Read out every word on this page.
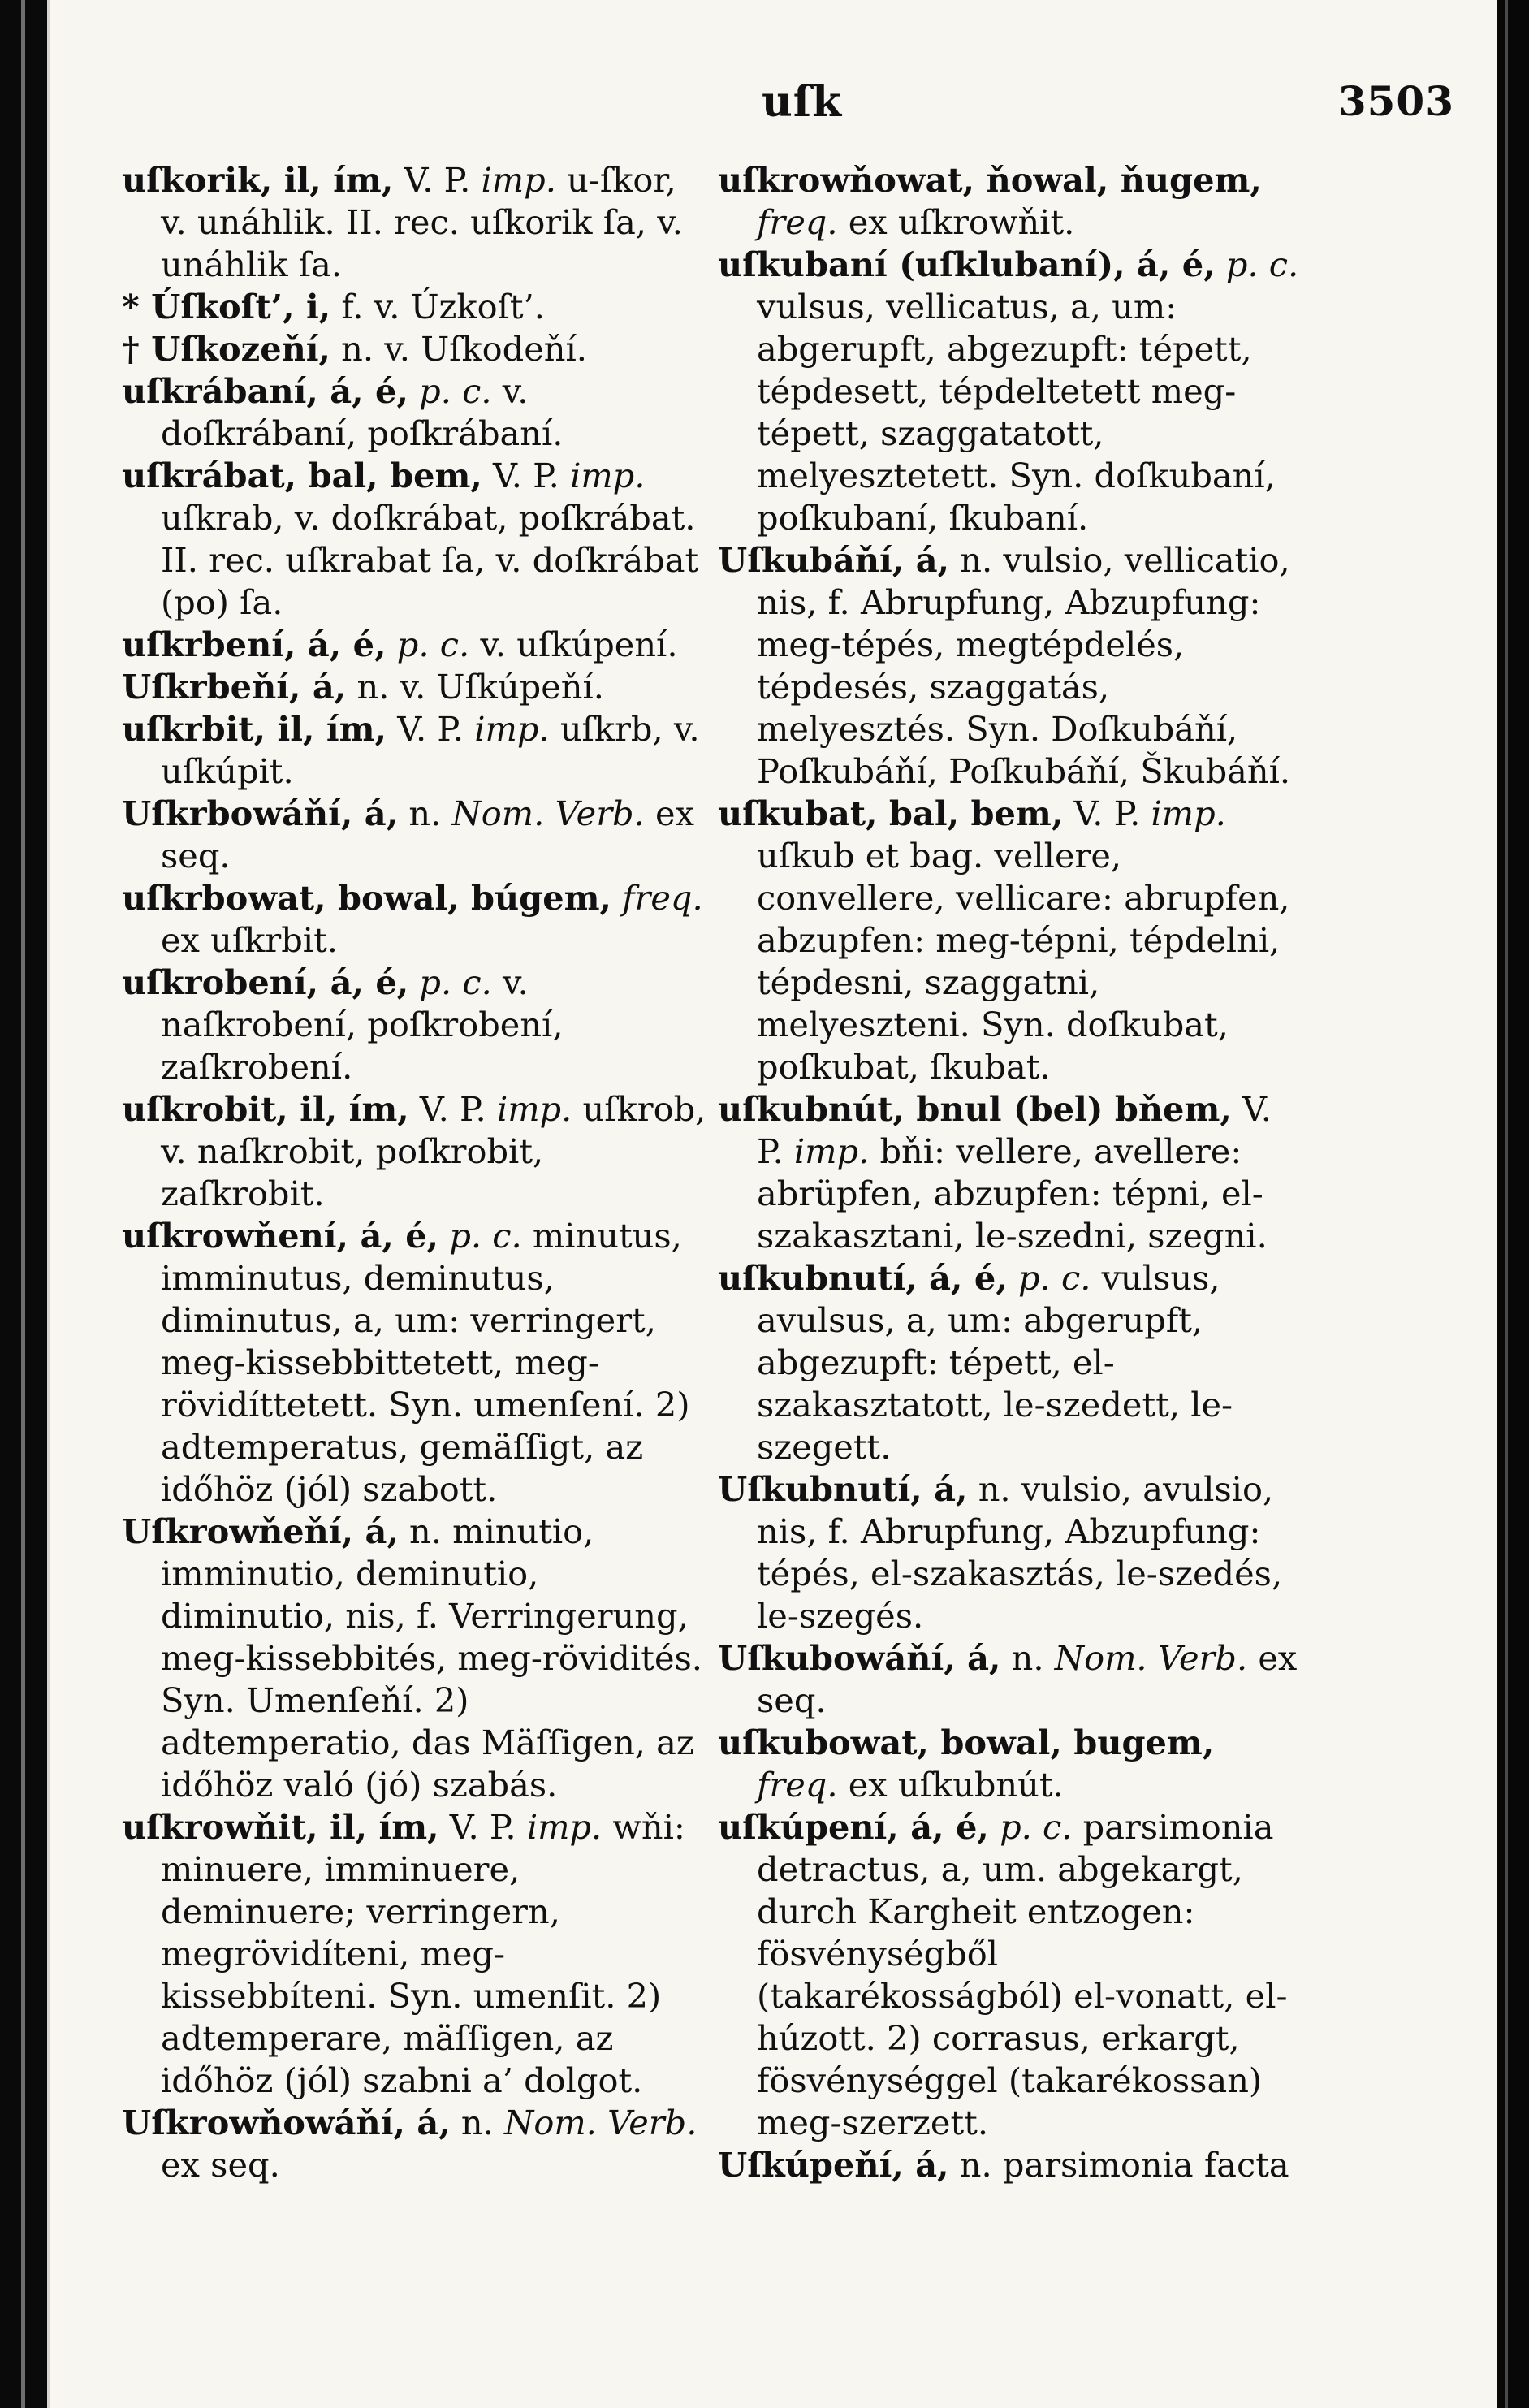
uſk	3503

uſkorik, il, ím, V. P. imp. u-ſkor, v. unáhlik. II. rec. uſkorik ſa, v. unáhlik ſa.

* Úſkoſt’, i, f. v. Úzkoſt’.

† Uſkozeňí, n. v. Uſkodeňí.

uſkrábaní, á, é, p. c. v. doſkrábaní, poſkrábaní.

uſkrábat, bal, bem, V. P. imp. uſkrab, v. doſkrábat, poſkrábat. II. rec. uſkrabat ſa, v. doſkrábat (po) ſa.

uſkrbení, á, é, p. c. v. uſkúpení.

Uſkrbeňí, á, n. v. Uſkúpeňí.

uſkrbit, il, ím, V. P. imp. uſkrb, v. uſkúpit.

Uſkrbowáňí, á, n. Nom. Verb. ex seq.

uſkrbowat, bowal, búgem, freq. ex uſkrbit.

uſkrobení, á, é, p. c. v. naſkrobení, poſkrobení, zaſkrobení.

uſkrobit, il, ím, V. P. imp. uſkrob, v. naſkrobit, poſkrobit, zaſkrobit.

uſkrowňení, á, é, p. c. minutus, imminutus, deminutus, diminutus, a, um: verringert, meg-kissebbittetett, meg-rövidíttetett. Syn. umenſení. 2) adtemperatus, gemäſſigt, az időhöz (jól) szabott.

Uſkrowňeňí, á, n. minutio, imminutio, deminutio, diminutio, nis, f. Verringerung, meg-kissebbités, meg-rövidités. Syn. Umenſeňí. 2) adtemperatio, das Mäſſigen, az időhöz való (jó) szabás.

uſkrowňit, il, ím, V. P. imp. wňi: minuere, imminuere, deminuere; verringern, megrövidíteni, meg-kissebbíteni. Syn. umenſit. 2) adtemperare, mäſſigen, az időhöz (jól) szabni a’ dolgot.

Uſkrowňowáňí, á, n. Nom. Verb. ex seq.

uſkrowňowat, ňowal, ňugem, freq. ex uſkrowňit.

uſkubaní (uſklubaní), á, é, p. c. vulsus, vellicatus, a, um: abgerupft, abgezupft: tépett, tépdesett, tépdeltetett meg-tépett, szaggatatott, melyesztetett. Syn. doſkubaní, poſkubaní, ſkubaní.

Uſkubáňí, á, n. vulsio, vellicatio, nis, f. Abrupfung, Abzupfung: meg-tépés, megtépdelés, tépdesés, szaggatás, melyesztés. Syn. Doſkubáňí, Poſkubáňí, Poſkubáňí, Škubáňí.

uſkubat, bal, bem, V. P. imp. uſkub et bag. vellere, convellere, vellicare: abrupfen, abzupfen: meg-tépni, tépdelni, tépdesni, szaggatni, melyeszteni. Syn. doſkubat, poſkubat, ſkubat.

uſkubnút, bnul (bel) bňem, V. P. imp. bňi: vellere, avellere: abrüpfen, abzupfen: tépni, el-szakasztani, le-szedni, szegni.

uſkubnutí, á, é, p. c. vulsus, avulsus, a, um: abgerupft, abgezupft: tépett, el-szakasztatott, le-szedett, le-szegett.

Uſkubnutí, á, n. vulsio, avulsio, nis, f. Abrupfung, Abzupfung: tépés, el-szakasztás, le-szedés, le-szegés.

Uſkubowáňí, á, n. Nom. Verb. ex seq.

uſkubowat, bowal, bugem, freq. ex uſkubnút.

uſkúpení, á, é, p. c. parsimonia detractus, a, um. abgekargt, durch Kargheit entzogen: fösvénységből (takarékosságból) el-vonatt, el-húzott. 2) corrasus, erkargt, fösvénységgel (takarékossan) meg-szerzett.

Uſkúpeňí, á, n. parsimonia facta
